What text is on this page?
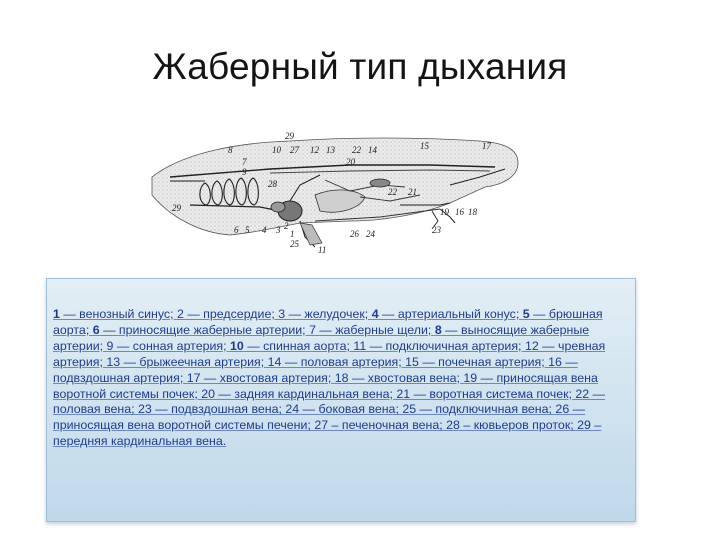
Жаберный тип дыхания
29
10 27 12 13
8
7
22 14
20
15	17
9
28
22 21
6 5 4 3 2
1
25
11
26 24	23
16
19 18
29
1 — венозный синус; 2 — предсердие; 3 — желудочек; 4 — артериальный конус; 5 — брюшная аорта; 6 — приносящие жаберные артерии; 7 — жаберные щели; 8 — выносящие жаберные артерии; 9 — сонная артерия; 10 — спинная аорта; 11 — подключичная артерия; 12 — чревная артерия; 13 — брыжеечная артерия; 14 — половая артерия; 15 — почечная артерия; 16 — подвздошная артерия; 17 — хвостовая артерия; 18 — хвостовая вена; 19 — приносящая вена воротной системы почек; 20 — задняя кардинальная вена; 21 — воротная система почек; 22 — половая вена; 23 — подвздошная вена; 24 — боковая вена; 25 — подключичная вена; 26 — приносящая вена воротной системы печени; 27 – печеночная вена; 28 – кювьеров проток; 29 – передняя кардинальная вена.
